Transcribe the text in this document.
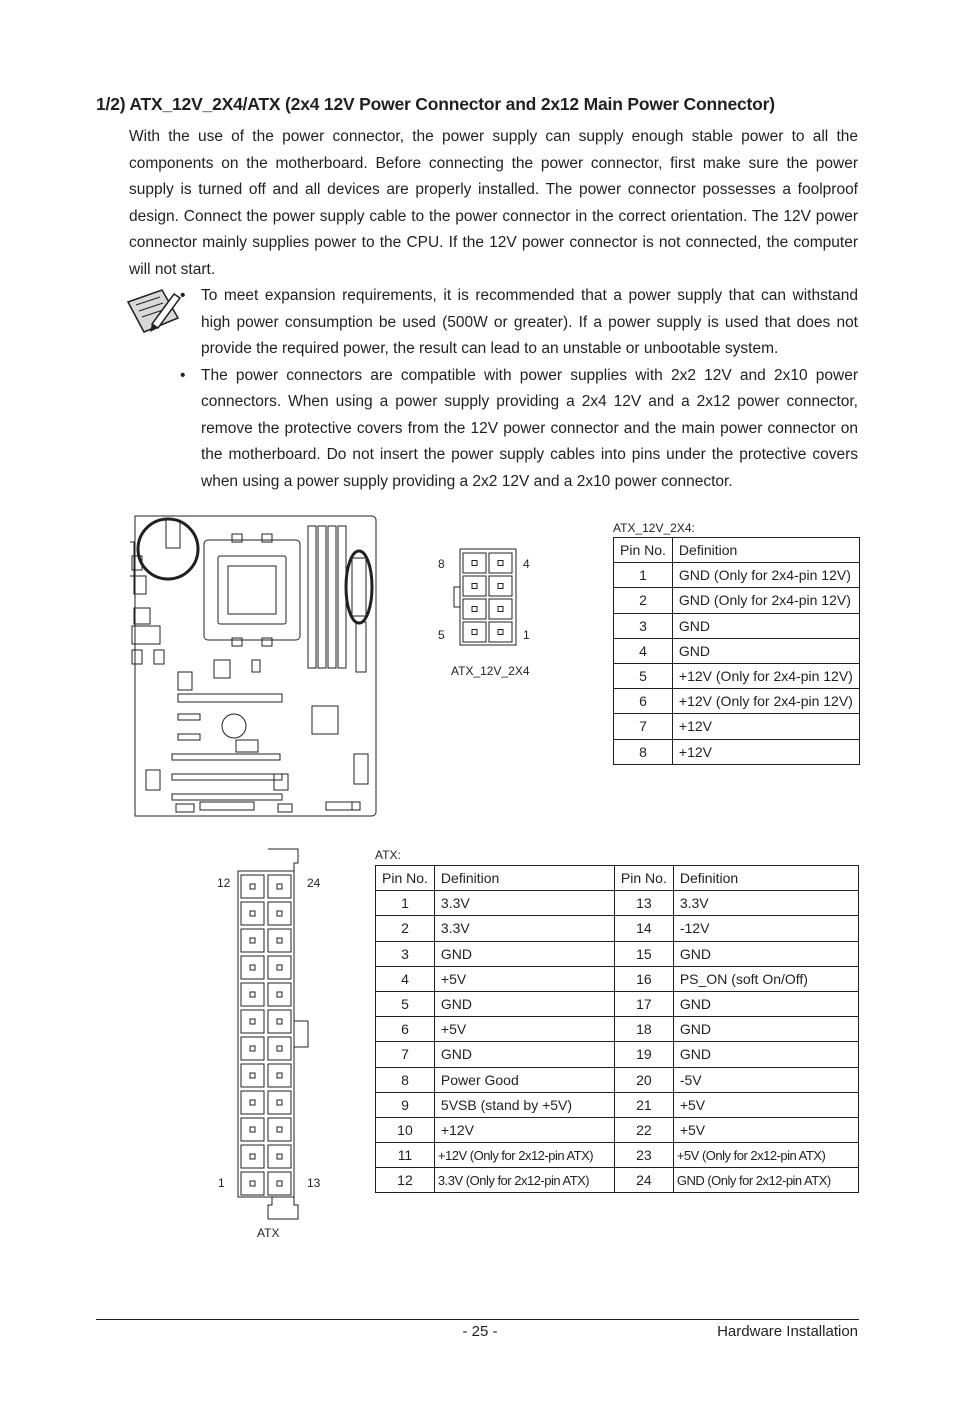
1/2) ATX_12V_2X4/ATX (2x4 12V Power Connector and 2x12 Main Power Connector)
With the use of the power connector, the power supply can supply enough stable power to all the components on the motherboard. Before connecting the power connector, first make sure the power supply is turned off and all devices are properly installed. The power connector possesses a foolproof design. Connect the power supply cable to the power connector in the correct orientation. The 12V power connector mainly supplies power to the CPU. If the 12V power connector is not connected, the computer will not start.
• To meet expansion requirements, it is recommended that a power supply that can withstand high power consumption be used (500W or greater). If a power supply is used that does not provide the required power, the result can lead to an unstable or unbootable system.
• The power connectors are compatible with power supplies with 2x2 12V and 2x10 power connectors. When using a power supply providing a 2x4 12V and a 2x12 power connector, remove the protective covers from the 12V power connector and the main power connector on the motherboard. Do not insert the power supply cables into pins under the protective covers when using a power supply providing a 2x2 12V and a 2x10 power connector.
8	4
5	1
ATX_12V_2X4
12	24
1	13
ATX
ATX_12V_2X4:
Pin No.	Definition
1	GND (Only for 2x4-pin 12V)
2	GND (Only for 2x4-pin 12V)
3	GND
4	GND
5	+12V (Only for 2x4-pin 12V)
6	+12V (Only for 2x4-pin 12V)
7	+12V
8	+12V
ATX:
Pin No.	Definition	Pin No.	Definition
1	3.3V	13	3.3V
2	3.3V	14	-12V
3	GND	15	GND
4	+5V	16	PS_ON (soft On/Off)
5	GND	17	GND
6	+5V	18	GND
7	GND	19	GND
8	Power Good	20	-5V
9	5VSB (stand by +5V)	21	+5V
10	+12V	22	+5V
11	+12V (Only for 2x12-pin ATX)	23	+5V (Only for 2x12-pin ATX)
12	3.3V (Only for 2x12-pin ATX)	24	GND (Only for 2x12-pin ATX)
- 25 -	Hardware Installation
